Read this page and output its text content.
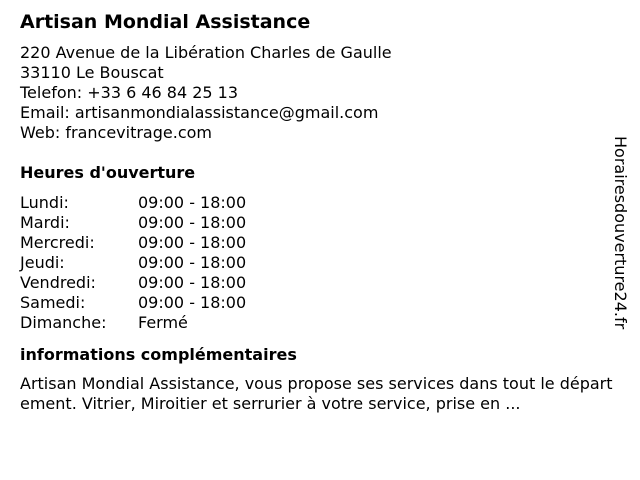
Artisan Mondial Assistance
220 Avenue de la Libération Charles de Gaulle
33110 Le Bouscat
Telefon: +33 6 46 84 25 13
Email: artisanmondialassistance@gmail.com
Web: francevitrage.com
Heures d'ouverture
Lundi:	09:00 - 18:00
Mardi:	09:00 - 18:00
Mercredi:	09:00 - 18:00
Jeudi:	09:00 - 18:00
Vendredi:	09:00 - 18:00
Samedi:	09:00 - 18:00
Dimanche:	Fermé
informations complémentaires
Artisan Mondial Assistance, vous propose ses services dans tout le département. Vitrier, Miroitier et serrurier à votre service, prise en ...
Horairesdouverture24.fr
